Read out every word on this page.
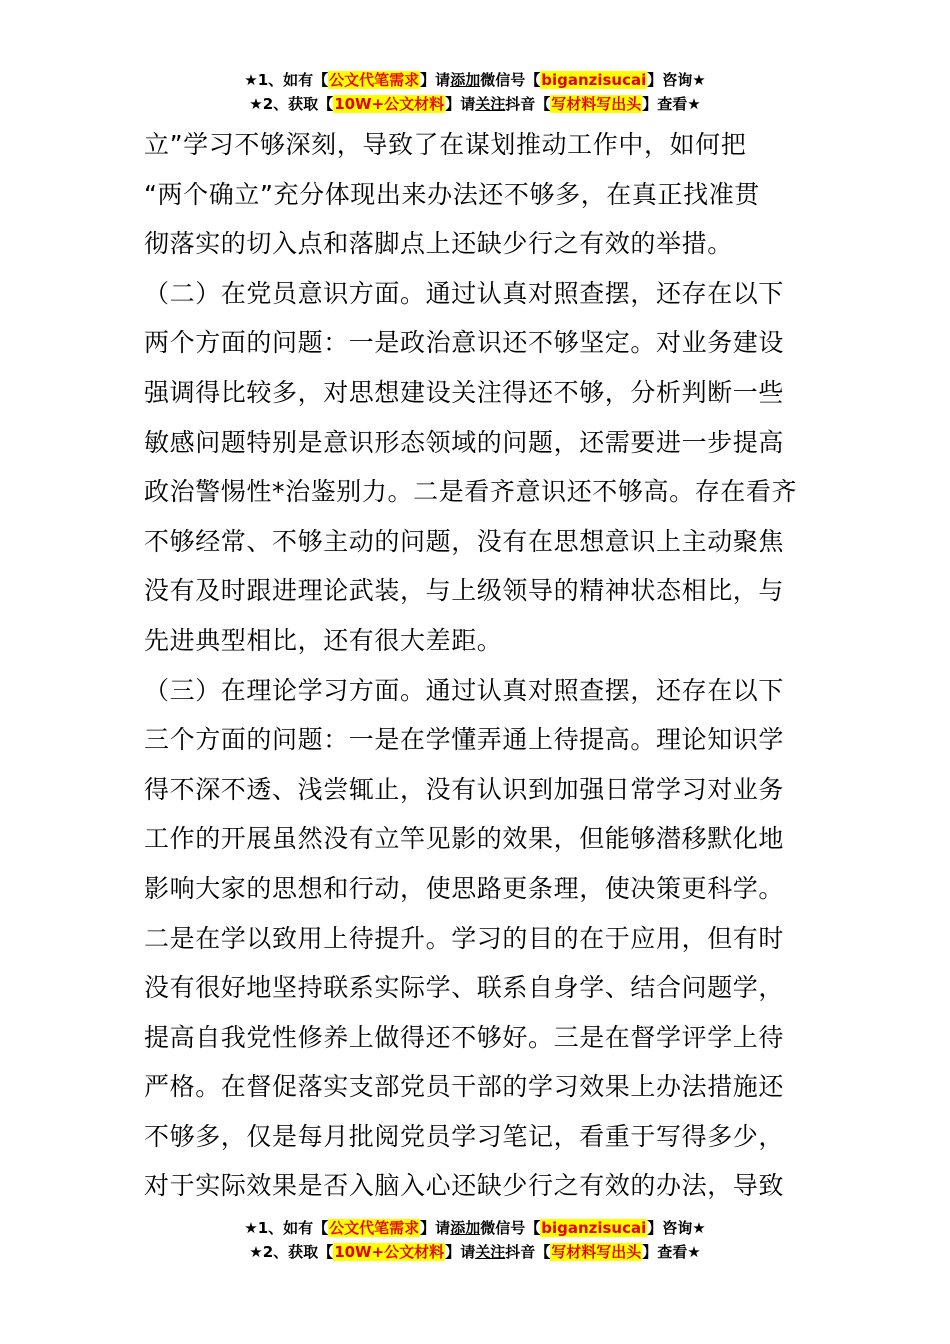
★1、如有【公文代笔需求】请添加微信号【biganzisucai】咨询★
★2、获取【10W+公文材料】请关注抖音【写材料写出头】查看★
立”学习不够深刻，导致了在谋划推动工作中，如何把
“两个确立”充分体现出来办法还不够多，在真正找准贯
彻落实的切入点和落脚点上还缺少行之有效的举措。
（二）在党员意识方面。通过认真对照查摆，还存在以下
两个方面的问题：一是政治意识还不够坚定。对业务建设
强调得比较多，对思想建设关注得还不够，分析判断一些
敏感问题特别是意识形态领域的问题，还需要进一步提高
政治警惕性*治鉴别力。二是看齐意识还不够高。存在看齐
不够经常、不够主动的问题，没有在思想意识上主动聚焦
没有及时跟进理论武装，与上级领导的精神状态相比，与
先进典型相比，还有很大差距。
（三）在理论学习方面。通过认真对照查摆，还存在以下
三个方面的问题：一是在学懂弄通上待提高。理论知识学
得不深不透、浅尝辄止，没有认识到加强日常学习对业务
工作的开展虽然没有立竿见影的效果，但能够潜移默化地
影响大家的思想和行动，使思路更条理，使决策更科学。
二是在学以致用上待提升。学习的目的在于应用，但有时
没有很好地坚持联系实际学、联系自身学、结合问题学，
提高自我党性修养上做得还不够好。三是在督学评学上待
严格。在督促落实支部党员干部的学习效果上办法措施还
不够多，仅是每月批阅党员学习笔记，看重于写得多少，
对于实际效果是否入脑入心还缺少行之有效的办法，导致
★1、如有【公文代笔需求】请添加微信号【biganzisucai】咨询★
★2、获取【10W+公文材料】请关注抖音【写材料写出头】查看★
